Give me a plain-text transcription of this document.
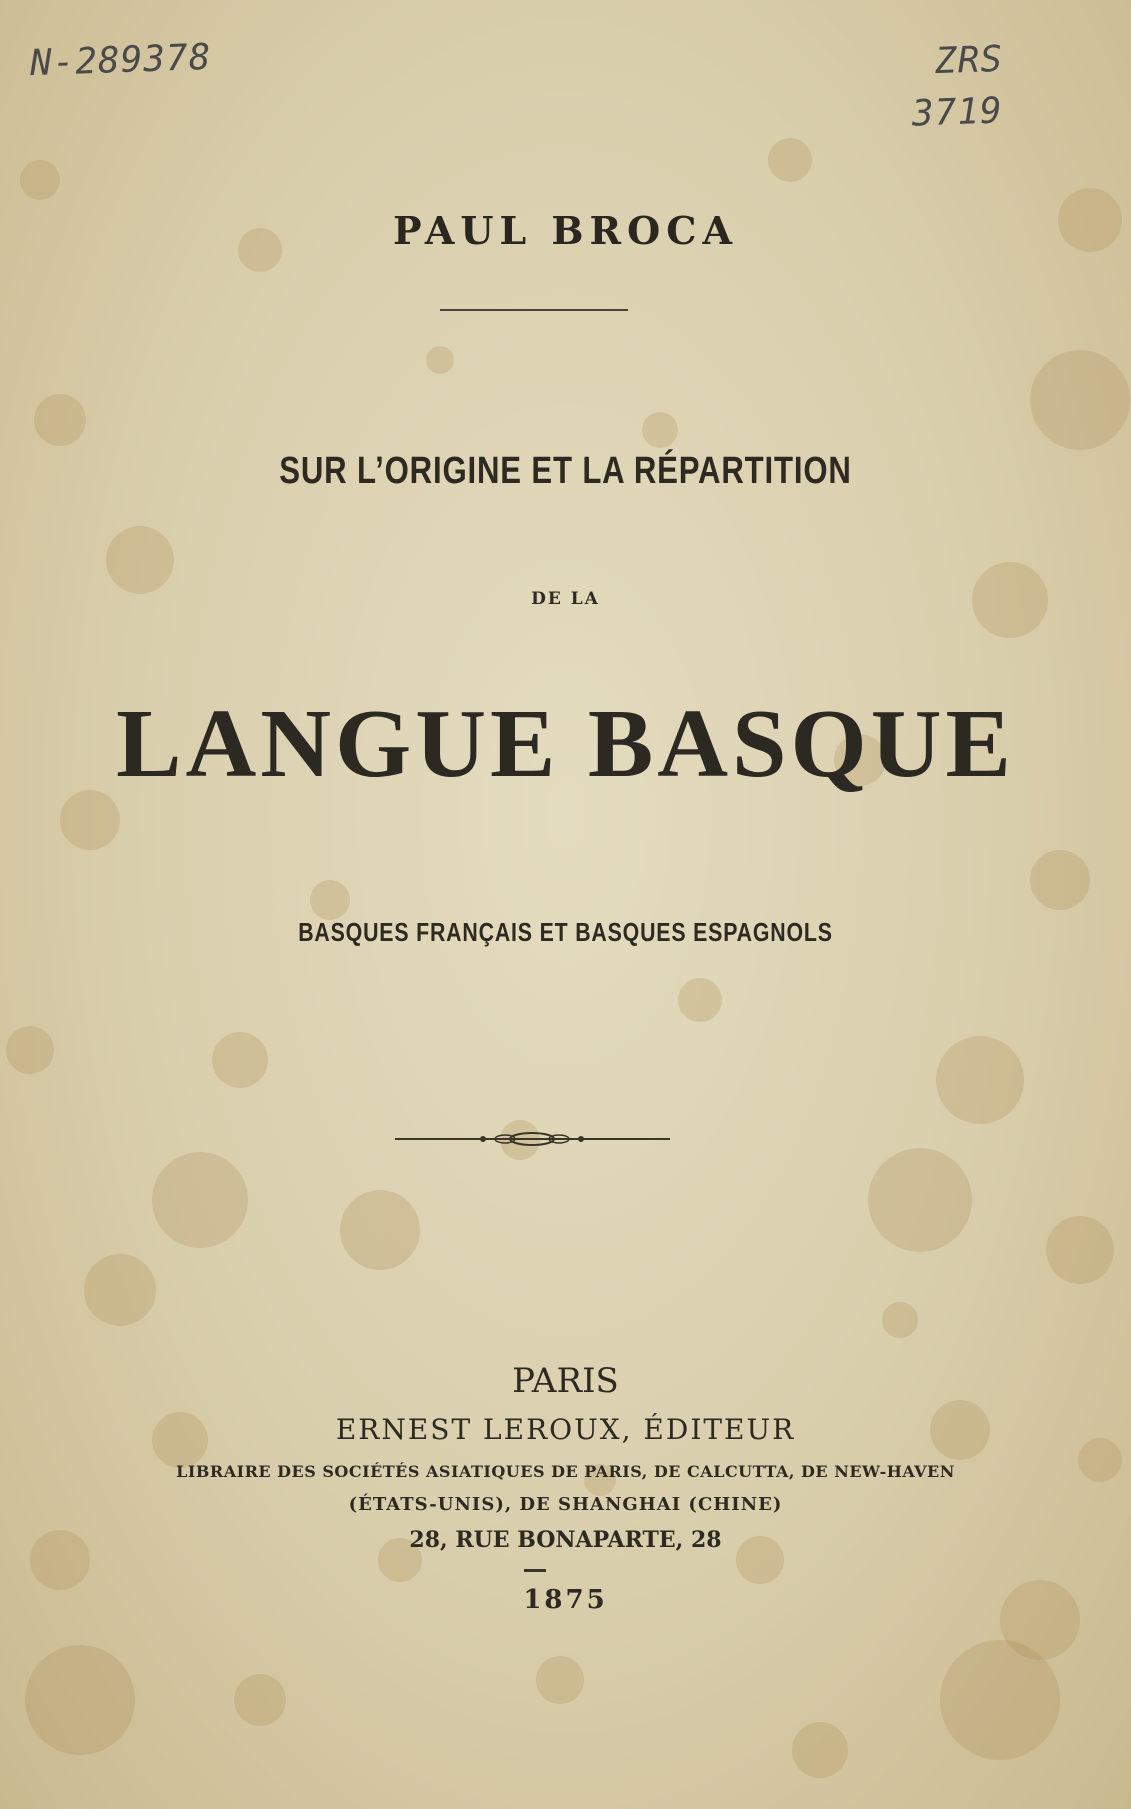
N-289378	ZRS
3719
PAUL BROCA
SUR L’ORIGINE ET LA RÉPARTITION
DE LA
LANGUE BASQUE
BASQUES FRANÇAIS ET BASQUES ESPAGNOLS
PARIS
ERNEST LEROUX, ÉDITEUR
LIBRAIRE DES SOCIÉTÉS ASIATIQUES DE PARIS, DE CALCUTTA, DE NEW-HAVEN
(ÉTATS-UNIS), DE SHANGHAI (CHINE)
28, RUE BONAPARTE, 28
1875
